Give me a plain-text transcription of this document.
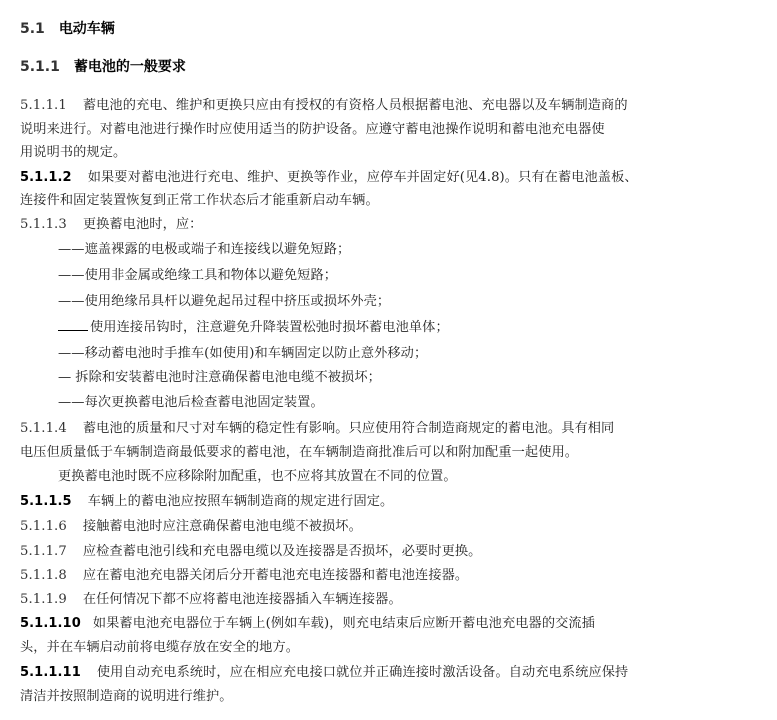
5.1 电动车辆
5.1.1 蓄电池的一般要求
5.1.1.1 蓄电池的充电、维护和更换只应由有授权的有资格人员根据蓄电池、充电器以及车辆制造商的
说明来进行。对蓄电池进行操作时应使用适当的防护设备。应遵守蓄电池操作说明和蓄电池充电器使
用说明书的规定。
5.1.1.2 如果要对蓄电池进行充电、维护、更换等作业，应停车并固定好(见4.8)。只有在蓄电池盖板、
连接件和固定装置恢复到正常工作状态后才能重新启动车辆。
5.1.1.3 更换蓄电池时，应：
——遮盖裸露的电极或端子和连接线以避免短路；
——使用非金属或绝缘工具和物体以避免短路；
——使用绝缘吊具杆以避免起吊过程中挤压或损坏外壳；
使用连接吊钩时，注意避免升降装置松弛时损坏蓄电池单体；
——移动蓄电池时手推车(如使用)和车辆固定以防止意外移动；
— 拆除和安装蓄电池时注意确保蓄电池电缆不被损坏；
——每次更换蓄电池后检查蓄电池固定装置。
5.1.1.4 蓄电池的质量和尺寸对车辆的稳定性有影响。只应使用符合制造商规定的蓄电池。具有相同
电压但质量低于车辆制造商最低要求的蓄电池，在车辆制造商批准后可以和附加配重一起使用。
更换蓄电池时既不应移除附加配重，也不应将其放置在不同的位置。
5.1.1.5 车辆上的蓄电池应按照车辆制造商的规定进行固定。
5.1.1.6 接触蓄电池时应注意确保蓄电池电缆不被损坏。
5.1.1.7 应检查蓄电池引线和充电器电缆以及连接器是否损坏，必要时更换。
5.1.1.8 应在蓄电池充电器关闭后分开蓄电池充电连接器和蓄电池连接器。
5.1.1.9 在任何情况下都不应将蓄电池连接器插入车辆连接器。
5.1.1.10 如果蓄电池充电器位于车辆上(例如车载)，则充电结束后应断开蓄电池充电器的交流插
头，并在车辆启动前将电缆存放在安全的地方。
5.1.1.11 使用自动充电系统时，应在相应充电接口就位并正确连接时激活设备。自动充电系统应保持
清洁并按照制造商的说明进行维护。
